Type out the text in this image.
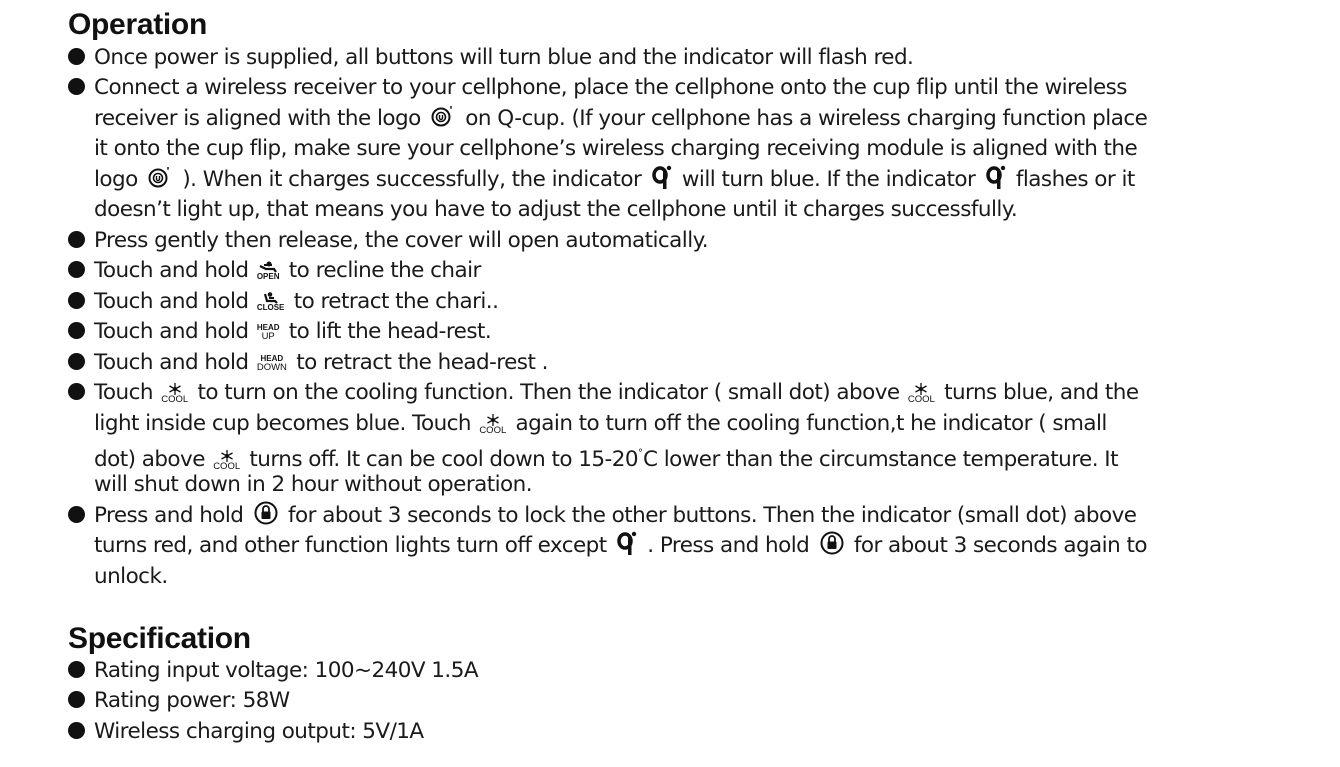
Operation
Once power is supplied, all buttons will turn blue and the indicator will flash red.
Connect a wireless receiver to your cellphone, place the cellphone onto the cup flip until the wireless
receiver is aligned with the logo on Q-cup. (If your cellphone has a wireless charging function place
it onto the cup flip, make sure your cellphone’s wireless charging receiving module is aligned with the
logo ). When it charges successfully, the indicator will turn blue. If the indicator flashes or it
doesn’t light up, that means you have to adjust the cellphone until it charges successfully.
Press gently then release, the cover will open automatically.
Touch and hold OPEN to recline the chair
Touch and hold CLOSE to retract the chari..
Touch and hold HEAD
UP to lift the head-rest.
Touch and hold HEAD
DOWN to retract the head-rest .
Touch COOL to turn on the cooling function. Then the indicator ( small dot) above COOL turns blue, and the
light inside cup becomes blue. Touch COOL again to turn off the cooling function,t he indicator ( small
dot) above COOL turns off. It can be cool down to 15-20°C lower than the circumstance temperature. It
will shut down in 2 hour without operation.
Press and hold for about 3 seconds to lock the other buttons. Then the indicator (small dot) above
turns red, and other function lights turn off except . Press and hold for about 3 seconds again to
unlock.
Specification
Rating input voltage: 100~240V 1.5A
Rating power: 58W
Wireless charging output: 5V/1A
